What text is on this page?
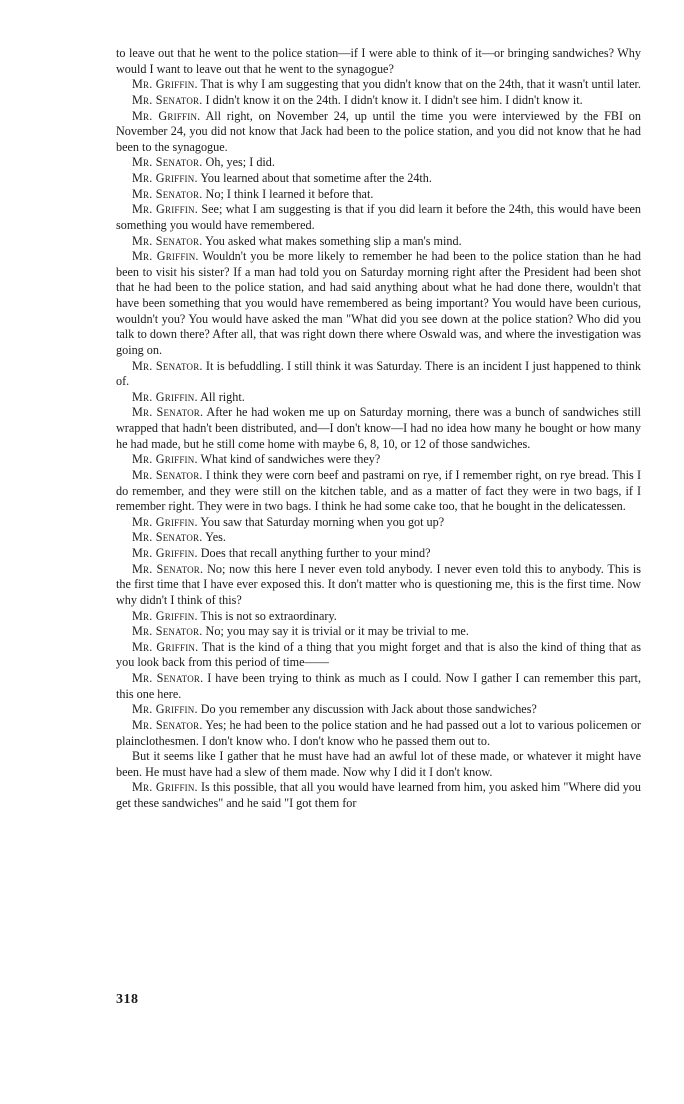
to leave out that he went to the police station—if I were able to think of it—or bringing sandwiches? Why would I want to leave out that he went to the synagogue?

Mr. Griffin. That is why I am suggesting that you didn't know that on the 24th, that it wasn't until later.

Mr. Senator. I didn't know it on the 24th. I didn't know it. I didn't see him. I didn't know it.

Mr. Griffin. All right, on November 24, up until the time you were interviewed by the FBI on November 24, you did not know that Jack had been to the police station, and you did not know that he had been to the synagogue.

Mr. Senator. Oh, yes; I did.

Mr. Griffin. You learned about that sometime after the 24th.

Mr. Senator. No; I think I learned it before that.

Mr. Griffin. See; what I am suggesting is that if you did learn it before the 24th, this would have been something you would have remembered.

Mr. Senator. You asked what makes something slip a man's mind.

Mr. Griffin. Wouldn't you be more likely to remember he had been to the police station than he had been to visit his sister? If a man had told you on Saturday morning right after the President had been shot that he had been to the police station, and had said anything about what he had done there, wouldn't that have been something that you would have remembered as being important? You would have been curious, wouldn't you? You would have asked the man "What did you see down at the police station? Who did you talk to down there? After all, that was right down there where Oswald was, and where the investigation was going on.

Mr. Senator. It is befuddling. I still think it was Saturday. There is an incident I just happened to think of.

Mr. Griffin. All right.

Mr. Senator. After he had woken me up on Saturday morning, there was a bunch of sandwiches still wrapped that hadn't been distributed, and—I don't know—I had no idea how many he bought or how many he had made, but he still come home with maybe 6, 8, 10, or 12 of those sandwiches.

Mr. Griffin. What kind of sandwiches were they?

Mr. Senator. I think they were corn beef and pastrami on rye, if I remember right, on rye bread. This I do remember, and they were still on the kitchen table, and as a matter of fact they were in two bags, if I remember right. They were in two bags. I think he had some cake too, that he bought in the delicatessen.

Mr. Griffin. You saw that Saturday morning when you got up?

Mr. Senator. Yes.

Mr. Griffin. Does that recall anything further to your mind?

Mr. Senator. No; now this here I never even told anybody. I never even told this to anybody. This is the first time that I have ever exposed this. It don't matter who is questioning me, this is the first time. Now why didn't I think of this?

Mr. Griffin. This is not so extraordinary.

Mr. Senator. No; you may say it is trivial or it may be trivial to me.

Mr. Griffin. That is the kind of a thing that you might forget and that is also the kind of thing that as you look back from this period of time——

Mr. Senator. I have been trying to think as much as I could. Now I gather I can remember this part, this one here.

Mr. Griffin. Do you remember any discussion with Jack about those sandwiches?

Mr. Senator. Yes; he had been to the police station and he had passed out a lot to various policemen or plainclothesmen. I don't know who. I don't know who he passed them out to.

But it seems like I gather that he must have had an awful lot of these made, or whatever it might have been. He must have had a slew of them made. Now why I did it I don't know.

Mr. Griffin. Is this possible, that all you would have learned from him, you asked him "Where did you get these sandwiches" and he said "I got them for

318
